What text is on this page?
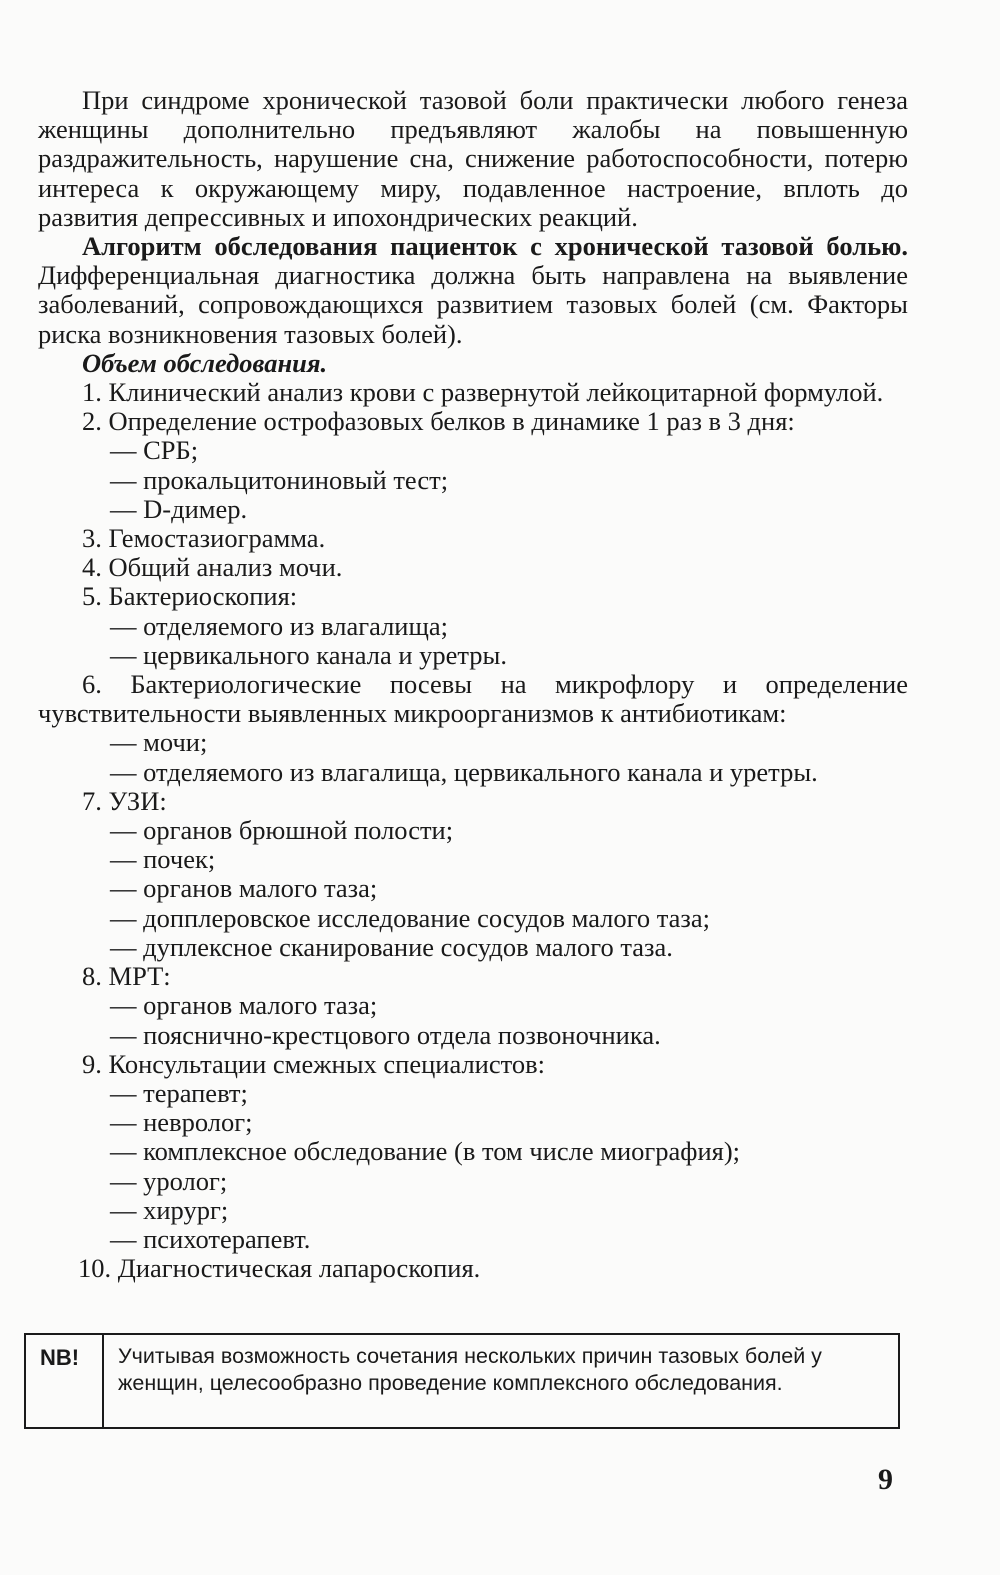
При синдроме хронической тазовой боли практически любого генеза женщины дополнительно предъявляют жалобы на повышенную раздражительность, нарушение сна, снижение работоспособности, потерю интереса к окружающему миру, подавленное настроение, вплоть до развития депрессивных и ипохондрических реакций.

Алгоритм обследования пациенток с хронической тазовой болью. Дифференциальная диагностика должна быть направлена на выявление заболеваний, сопровождающихся развитием тазовых болей (см. Факторы риска возникновения тазовых болей).

Объем обследования.

1. Клинический анализ крови с развернутой лейкоцитарной формулой.

2. Определение острофазовых белков в динамике 1 раз в 3 дня:

— СРБ;

— прокальцитониновый тест;

— D-димер.

3. Гемостазиограмма.

4. Общий анализ мочи.

5. Бактериоскопия:

— отделяемого из влагалища;

— цервикального канала и уретры.

6. Бактериологические посевы на микрофлору и определение чувствительности выявленных микроорганизмов к антибиотикам:

— мочи;

— отделяемого из влагалища, цервикального канала и уретры.

7. УЗИ:

— органов брюшной полости;

— почек;

— органов малого таза;

— допплеровское исследование сосудов малого таза;

— дуплексное сканирование сосудов малого таза.

8. МРТ:

— органов малого таза;

— пояснично-крестцового отдела позвоночника.

9. Консультации смежных специалистов:

— терапевт;

— невролог;

— комплексное обследование (в том числе миография);

— уролог;

— хирург;

— психотерапевт.

10. Диагностическая лапароскопия.

NB!	Учитывая возможность сочетания нескольких причин тазовых болей у женщин, целесообразно проведение комплексного обследования.
9
